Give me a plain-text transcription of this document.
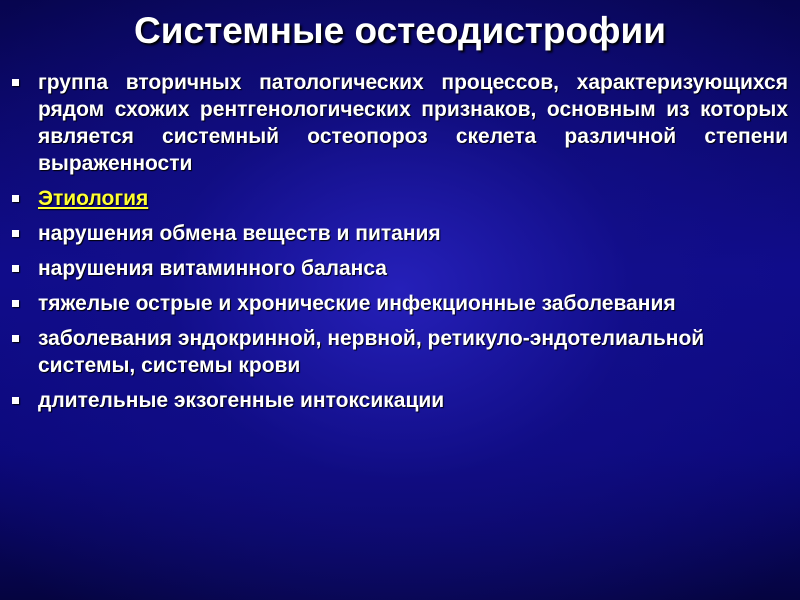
Системные остеодистрофии
группа вторичных патологических процессов, характеризующихся рядом схожих рентгенологических признаков, основным из которых является системный остеопороз скелета различной степени выраженности
Этиология
нарушения обмена веществ и питания
нарушения витаминного баланса
тяжелые острые и хронические инфекционные заболевания
заболевания эндокринной, нервной, ретикуло-эндотелиальной системы, системы крови
длительные экзогенные интоксикации
